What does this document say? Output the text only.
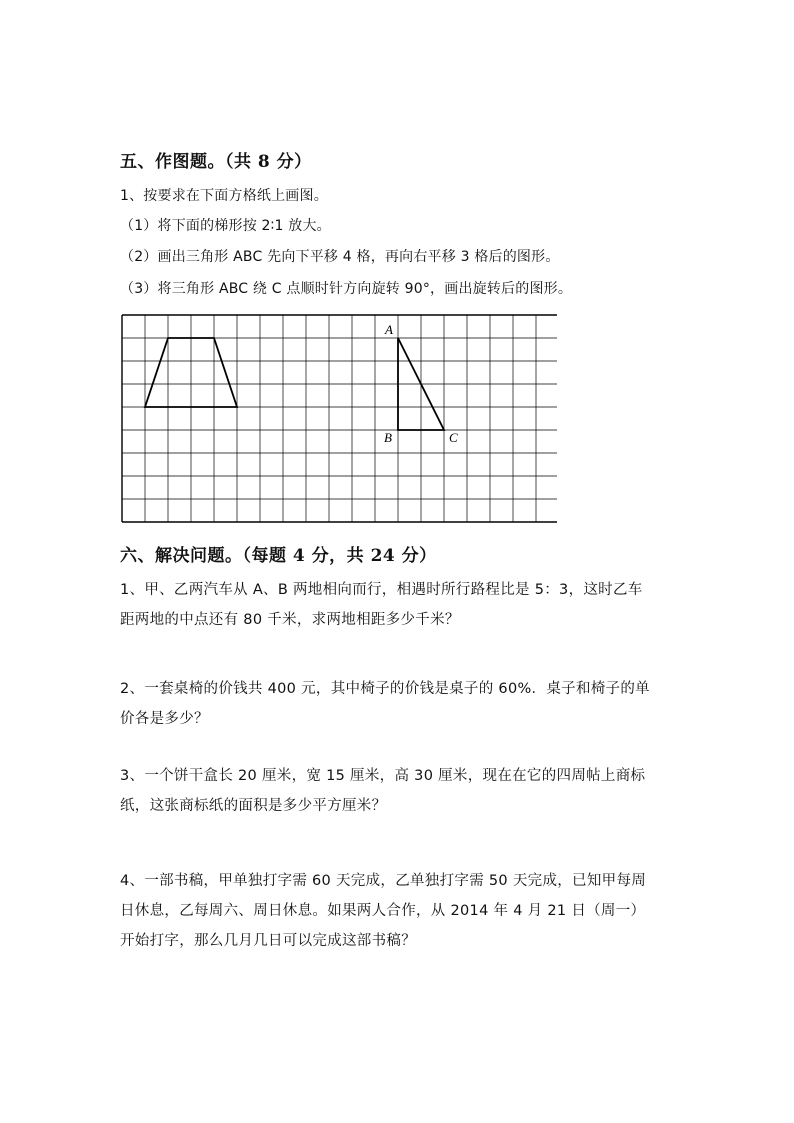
五、作图题。（共 8 分）

1、按要求在下面方格纸上画图。

（1）将下面的梯形按 2∶1 放大。

（2）画出三角形 ABC 先向下平移 4 格，再向右平移 3 格后的图形。

（3）将三角形 ABC 绕 C 点顺时针方向旋转 90°，画出旋转后的图形。

A
B	C
六、解决问题。（每题 4 分，共 24 分）
1、甲、乙两汽车从 A、B 两地相向而行，相遇时所行路程比是 5：3，这时乙车
距两地的中点还有 80 千米，求两地相距多少千米？
2、一套桌椅的价钱共 400 元，其中椅子的价钱是桌子的 60%．桌子和椅子的单
价各是多少？
3、一个饼干盒长 20 厘米，宽 15 厘米，高 30 厘米，现在在它的四周帖上商标
纸，这张商标纸的面积是多少平方厘米？
4、一部书稿，甲单独打字需 60 天完成，乙单独打字需 50 天完成，已知甲每周
日休息，乙每周六、周日休息。如果两人合作，从 2014 年 4 月 21 日（周一）
开始打字，那么几月几日可以完成这部书稿？
